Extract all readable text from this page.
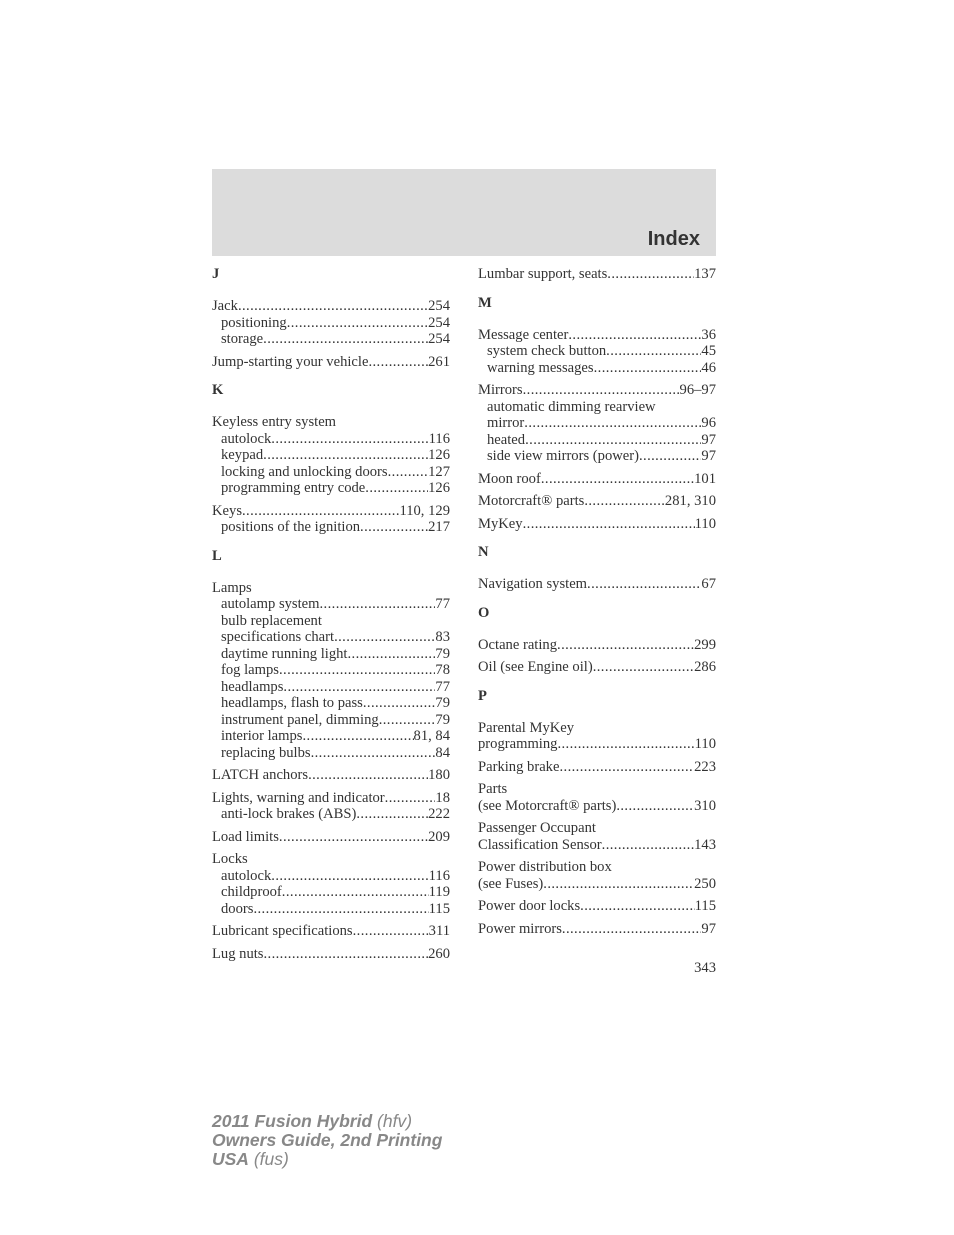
Index
J
Jack .....	254
positioning .....	254
storage .....	254
Jump-starting your vehicle .....	261
K
Keyless entry system
autolock .....	116
keypad .....	126
locking and unlocking doors .....	127
programming entry code .....	126
Keys .....	110, 129
positions of the ignition .....	217
L
Lamps
autolamp system .....	77
bulb replacement
specifications chart .....	83
daytime running light .....	79
fog lamps .....	78
headlamps .....	77
headlamps, flash to pass .....	79
instrument panel, dimming .....	79
interior lamps .....	81, 84
replacing bulbs .....	84
LATCH anchors .....	180
Lights, warning and indicator .....	18
anti-lock brakes (ABS) .....	222
Load limits .....	209
Locks
autolock .....	116
childproof .....	119
doors .....	115
Lubricant specifications .....	311
Lug nuts .....	260
Lumbar support, seats .....	137
M
Message center .....	36
system check button .....	45
warning messages .....	46
Mirrors .....	96–97
automatic dimming rearview
mirror .....	96
heated .....	97
side view mirrors (power) .....	97
Moon roof .....	101
Motorcraft® parts .....	281, 310
MyKey .....	110
N
Navigation system .....	67
O
Octane rating .....	299
Oil (see Engine oil) .....	286
P
Parental MyKey
programming .....	110
Parking brake .....	223
Parts
(see Motorcraft® parts) .....	310
Passenger Occupant
Classification Sensor .....	143
Power distribution box
(see Fuses) .....	250
Power door locks .....	115
Power mirrors .....	97
343
2011 Fusion Hybrid (hfv)
Owners Guide, 2nd Printing
USA (fus)
